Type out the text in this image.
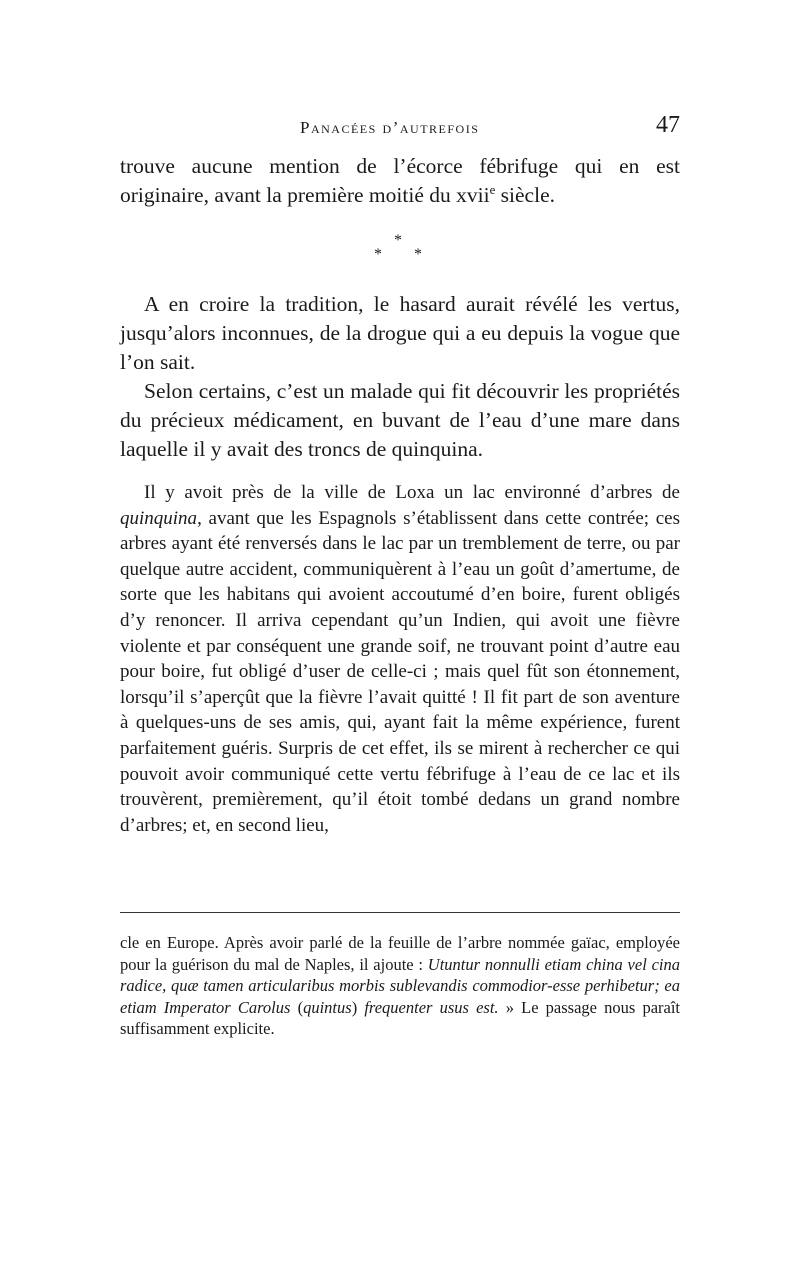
Panacées d’autrefois	47

trouve aucune mention de l’écorce fébrifuge qui en est originaire, avant la première moitié du xvii$^e$ siècle.

*
* *

A en croire la tradition, le hasard aurait révélé les vertus, jusqu’alors inconnues, de la drogue qui a eu depuis la vogue que l’on sait.

Selon certains, c’est un malade qui fit découvrir les propriétés du précieux médicament, en buvant de l’eau d’une mare dans laquelle il y avait des troncs de quinquina.

Il y avoit près de la ville de Loxa un lac environné d’arbres de quinquina, avant que les Espagnols s’établissent dans cette contrée; ces arbres ayant été renversés dans le lac par un tremblement de terre, ou par quelque autre accident, communiquèrent à l’eau un goût d’amertume, de sorte que les habitans qui avoient accoutumé d’en boire, furent obligés d’y renoncer. Il arriva cependant qu’un Indien, qui avoit une fièvre violente et par conséquent une grande soif, ne trouvant point d’autre eau pour boire, fut obligé d’user de celle-ci ; mais quel fût son étonnement, lorsqu’il s’aperçût que la fièvre l’avait quitté ! Il fit part de son aventure à quelques-uns de ses amis, qui, ayant fait la même expérience, furent parfaitement guéris. Surpris de cet effet, ils se mirent à rechercher ce qui pouvoit avoir communiqué cette vertu fébrifuge à l’eau de ce lac et ils trouvèrent, premièrement, qu’il étoit tombé dedans un grand nombre d’arbres; et, en second lieu,

cle en Europe. Après avoir parlé de la feuille de l’arbre nommée gaïac, employée pour la guérison du mal de Naples, il ajoute : Utuntur nonnulli etiam china vel cina radice, quæ tamen articularibus morbis sublevandis commodior-esse perhibetur; ea etiam Imperator Carolus (quintus) frequenter usus est. » Le passage nous paraît suffisamment explicite.
